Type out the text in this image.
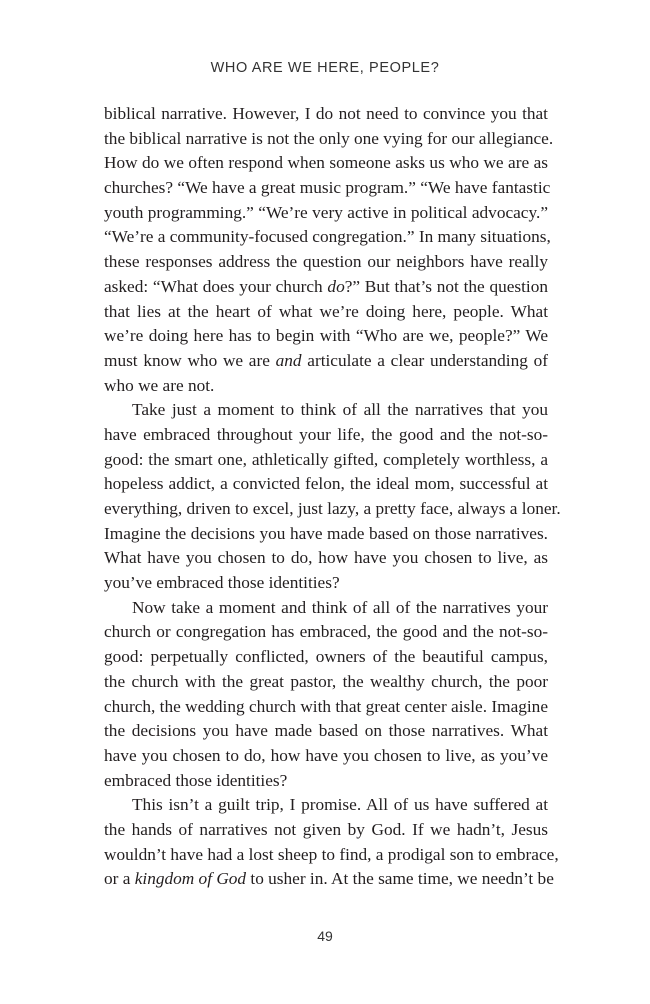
WHO ARE WE HERE, PEOPLE?
biblical narrative. However, I do not need to convince you that
the biblical narrative is not the only one vying for our allegiance.
How do we often respond when someone asks us who we are as
churches? “We have a great music program.” “We have fantastic
youth programming.” “We’re very active in political advocacy.”
“We’re a community-focused congregation.” In many situations,
these responses address the question our neighbors have really
asked: “What does your church do?” But that’s not the question
that lies at the heart of what we’re doing here, people. What
we’re doing here has to begin with “Who are we, people?” We
must know who we are and articulate a clear understanding of
who we are not.
Take just a moment to think of all the narratives that you
have embraced throughout your life, the good and the not-so-
good: the smart one, athletically gifted, completely worthless, a
hopeless addict, a convicted felon, the ideal mom, successful at
everything, driven to excel, just lazy, a pretty face, always a loner.
Imagine the decisions you have made based on those narratives.
What have you chosen to do, how have you chosen to live, as
you’ve embraced those identities?
Now take a moment and think of all of the narratives your
church or congregation has embraced, the good and the not-so-
good: perpetually conflicted, owners of the beautiful campus,
the church with the great pastor, the wealthy church, the poor
church, the wedding church with that great center aisle. Imagine
the decisions you have made based on those narratives. What
have you chosen to do, how have you chosen to live, as you’ve
embraced those identities?
This isn’t a guilt trip, I promise. All of us have suffered at
the hands of narratives not given by God. If we hadn’t, Jesus
wouldn’t have had a lost sheep to find, a prodigal son to embrace,
or a kingdom of God to usher in. At the same time, we needn’t be
49
